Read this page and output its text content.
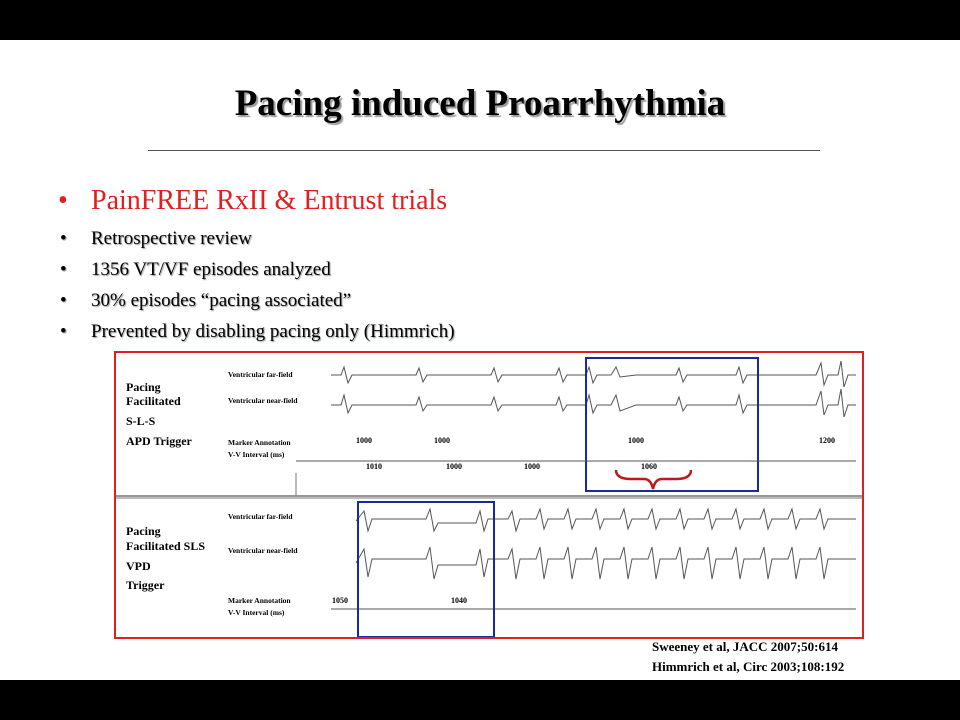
Pacing induced Proarrhythmia
• PainFREE RxII & Entrust trials
• Retrospective review
• 1356 VT/VF episodes analyzed
• 30% episodes “pacing associated”
• Prevented by disabling pacing only (Himmrich)
Pacing
Facilitated
S-L-S
APD Trigger
Ventricular far-field
Ventricular near-field
Marker Annotation
V-V Interval (ms)
1000	1000	1000	1200
1010	1000	1000	1060
Pacing
Facilitated SLS
VPD
Trigger
Ventricular far-field
Ventricular near-field
Marker Annotation
V-V Interval (ms)
1050	1040
Sweeney et al, JACC 2007;50:614
Himmrich et al, Circ 2003;108:192
